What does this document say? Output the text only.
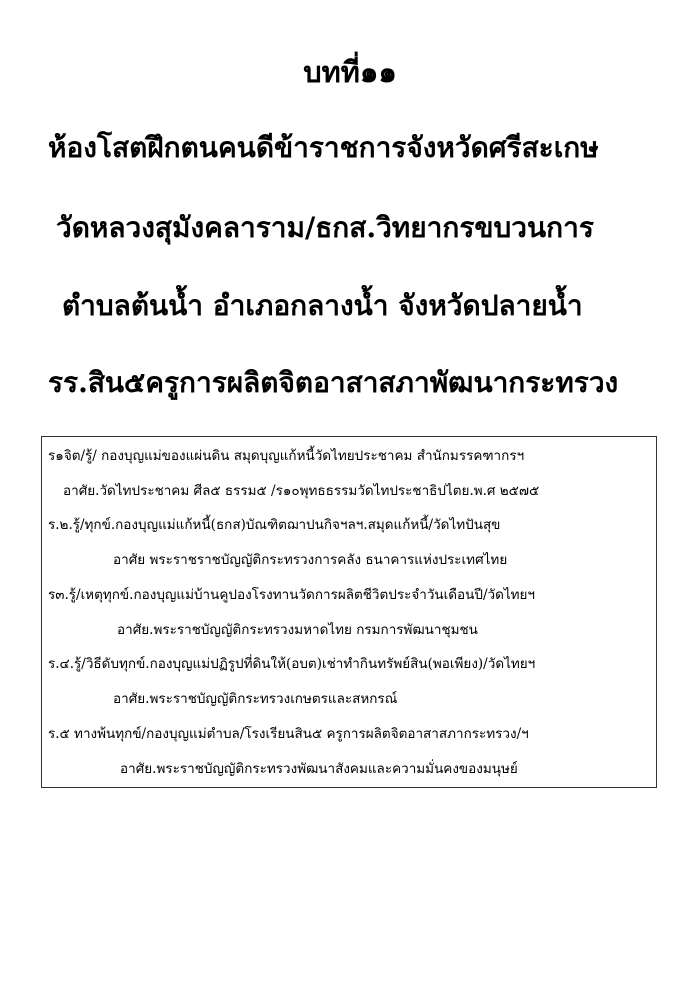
บทที่๑๑
ห้องโสตฝึกตนคนดีข้าราชการจังหวัดศรีสะเกษ
วัดหลวงสุมังคลาราม/ธกส.วิทยากรขบวนการ
ตำบลต้นน้ำ อำเภอกลางน้ำ จังหวัดปลายน้ำ
รร.สิน๕ครูการผลิตจิตอาสาสภาพัฒนากระทรวง
ร๑จิต/รู้/ กองบุญแม่ของแผ่นดิน สมุดบุญแก้หนี้วัดไทยประชาคม สำนักมรรคฑากรฯ
อาศัย.วัดไทประชาคม ศีล๕ ธรรม๕ /ร๑๐พุทธธรรมวัดไทประชาธิปไตย.พ.ศ ๒๕๗๕
ร.๒.รู้/ทุกข์.กองบุญแม่แก้หนี้(ธกส)บัณฑิตฌาปนกิจฯลฯ.สมุดแก้หนี้/วัดไทปันสุข
อาศัย พระราชราชบัญญัติกระทรวงการคลัง ธนาคารแห่งประเทศไทย
ร๓.รู้/เหตุทุกข์.กองบุญแม่บ้านคูปองโรงทานวัดการผลิตชีวิตประจำวันเดือนปี/วัดไทยฯ
อาศัย.พระราชบัญญัติกระทรวงมหาดไทย กรมการพัฒนาชุมชน
ร.๔.รู้/วิธีดับทุกข์.กองบุญแม่ปฏิรูปที่ดินให้(อบต)เช่าทำกินทรัพย์สิน(พอเพียง)/วัดไทยฯ
อาศัย.พระราชบัญญัติกระทรวงเกษตรและสหกรณ์
ร.๕ ทางพ้นทุกข์/กองบุญแม่ตำบล/โรงเรียนสิน๕ ครูการผลิตจิตอาสาสภากระทรวง/ฯ
อาศัย.พระราชบัญญัติกระทรวงพัฒนาสังคมและความมั่นคงของมนุษย์
